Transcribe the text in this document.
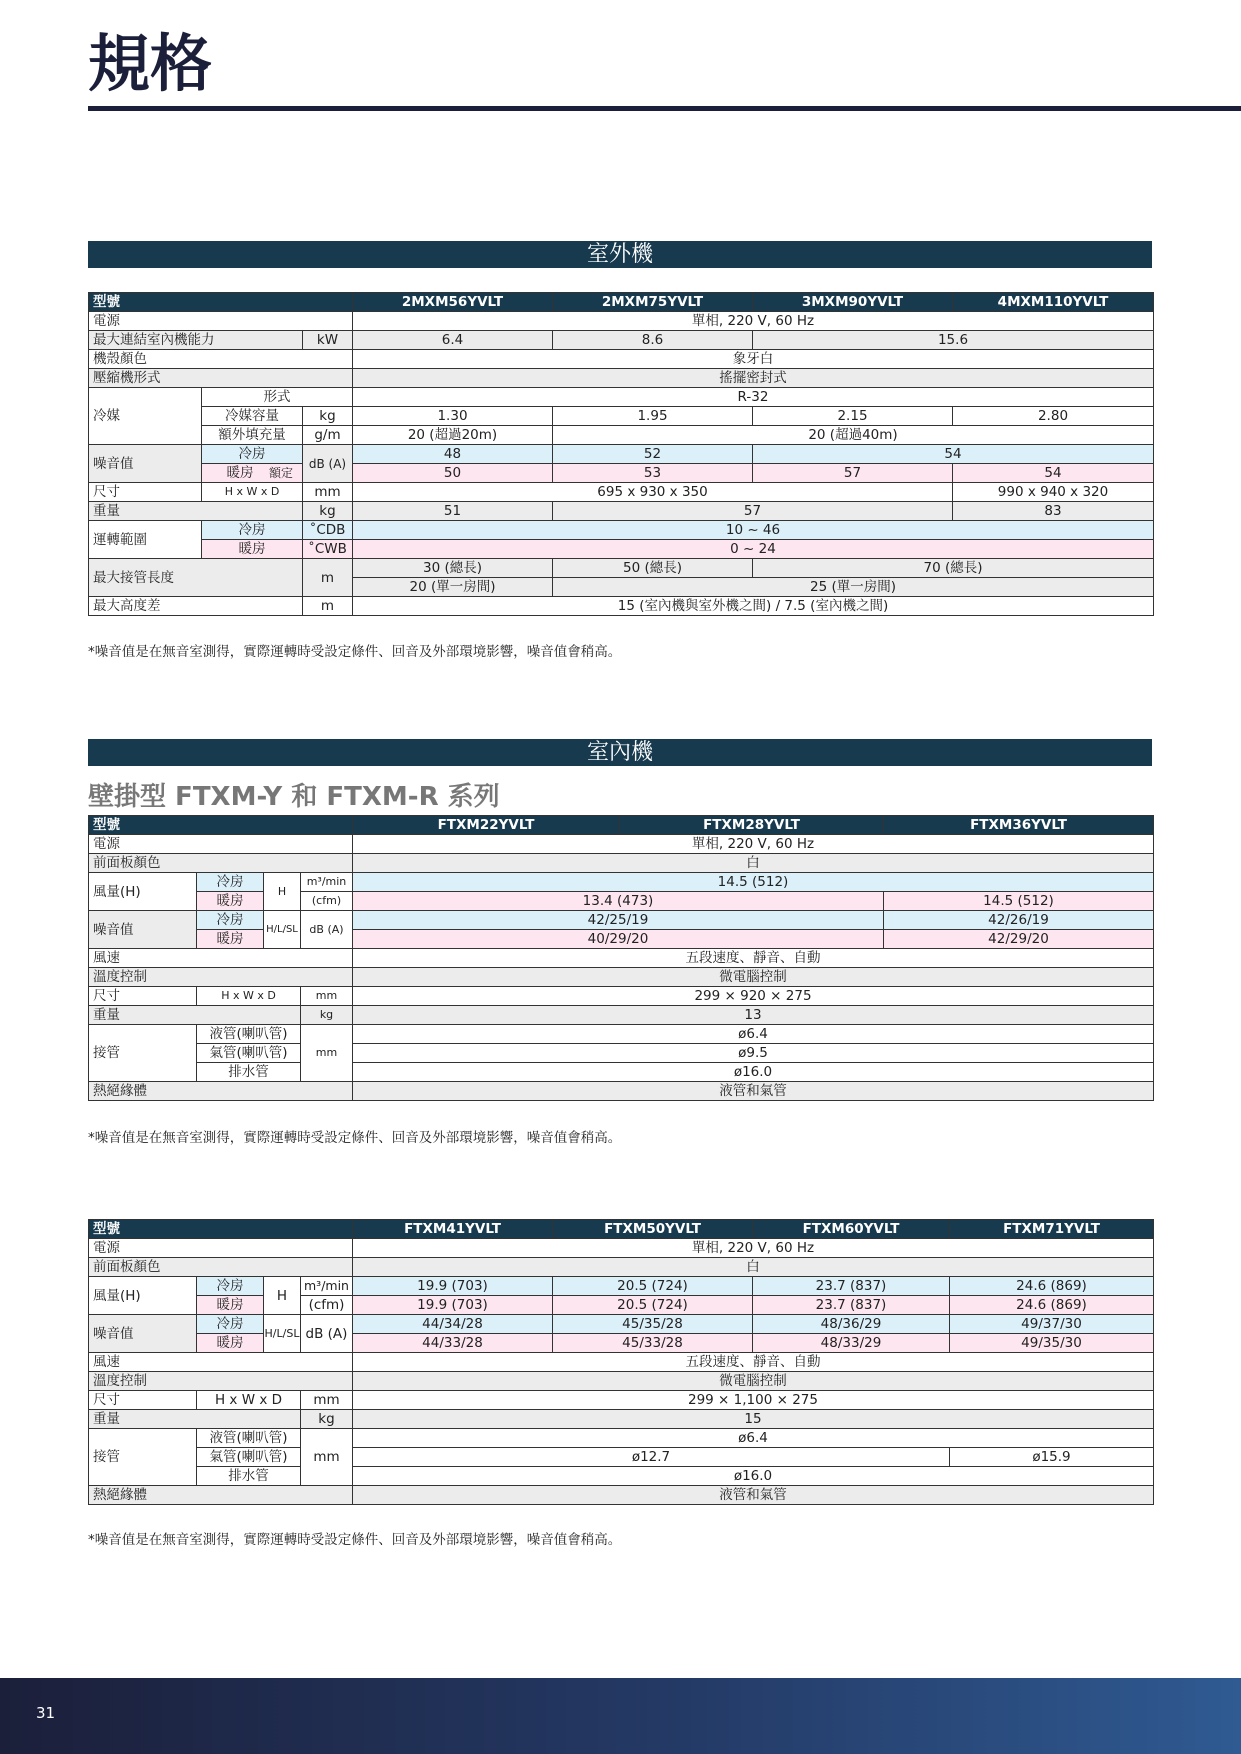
規格
室外機
型號			2MXM56YVLT	2MXM75YVLT	3MXM90YVLT	4MXM110YVLT
電源			單相, 220 V, 60 Hz			
最大連結室內機能力		kW	6.4	8.6	15.6	
機殼顏色			象牙白			
壓縮機形式			搖擺密封式			
冷媒	形式		R-32			
	冷媒容量	kg	1.30	1.95	2.15	2.80
	額外填充量	g/m	20 (超過20m)	20 (超過40m)		
噪音值	冷房	dB (A)	48	52	54	
	暖房 額定		50	53	57	54
尺寸	H x W x D	mm	695 x 930 x 350			990 x 940 x 320
重量		kg	51	57		83
運轉範圍	冷房	˚CDB	10 ~ 46			
	暖房	˚CWB	0 ~ 24			
最大接管長度		m	30 (總長)	50 (總長)	70 (總長)	
			20 (單一房間)	25 (單一房間)		
最大高度差		m	15 (室內機與室外機之間) / 7.5 (室內機之間)			
*噪音值是在無音室測得，實際運轉時受設定條件、回音及外部環境影響，噪音值會稍高。
室內機
壁掛型 FTXM-Y 和 FTXM-R 系列
型號				FTXM22YVLT	FTXM28YVLT	FTXM36YVLT
電源				單相, 220 V, 60 Hz		
前面板顏色				白		
風量(H)	冷房	H	m³/min	14.5 (512)		
	暖房		(cfm)	13.4 (473)		14.5 (512)
噪音值	冷房	H/L/SL	dB (A)	42/25/19		42/26/19
	暖房			40/29/20		42/29/20
風速				五段速度、靜音、自動		
溫度控制				微電腦控制		
尺寸	H x W x D		mm	299 × 920 × 275		
重量			kg	13		
接管	液管(喇叭管)		mm	ø6.4		
	氣管(喇叭管)			ø9.5		
	排水管			ø16.0		
熱絕緣體				液管和氣管		
*噪音值是在無音室測得，實際運轉時受設定條件、回音及外部環境影響，噪音值會稍高。
型號				FTXM41YVLT	FTXM50YVLT	FTXM60YVLT	FTXM71YVLT
電源				單相, 220 V, 60 Hz			
前面板顏色				白			
風量(H)	冷房	H	m³/min	19.9 (703)	20.5 (724)	23.7 (837)	24.6 (869)
	暖房		(cfm)	19.9 (703)	20.5 (724)	23.7 (837)	24.6 (869)
噪音值	冷房	H/L/SL	dB (A)	44/34/28	45/35/28	48/36/29	49/37/30
	暖房			44/33/28	45/33/28	48/33/29	49/35/30
風速				五段速度、靜音、自動			
溫度控制				微電腦控制			
尺寸	H x W x D		mm	299 × 1,100 × 275			
重量			kg	15			
接管	液管(喇叭管)		mm	ø6.4			
	氣管(喇叭管)			ø12.7			ø15.9
	排水管			ø16.0			
熱絕緣體				液管和氣管			
*噪音值是在無音室測得，實際運轉時受設定條件、回音及外部環境影響，噪音值會稍高。
31
